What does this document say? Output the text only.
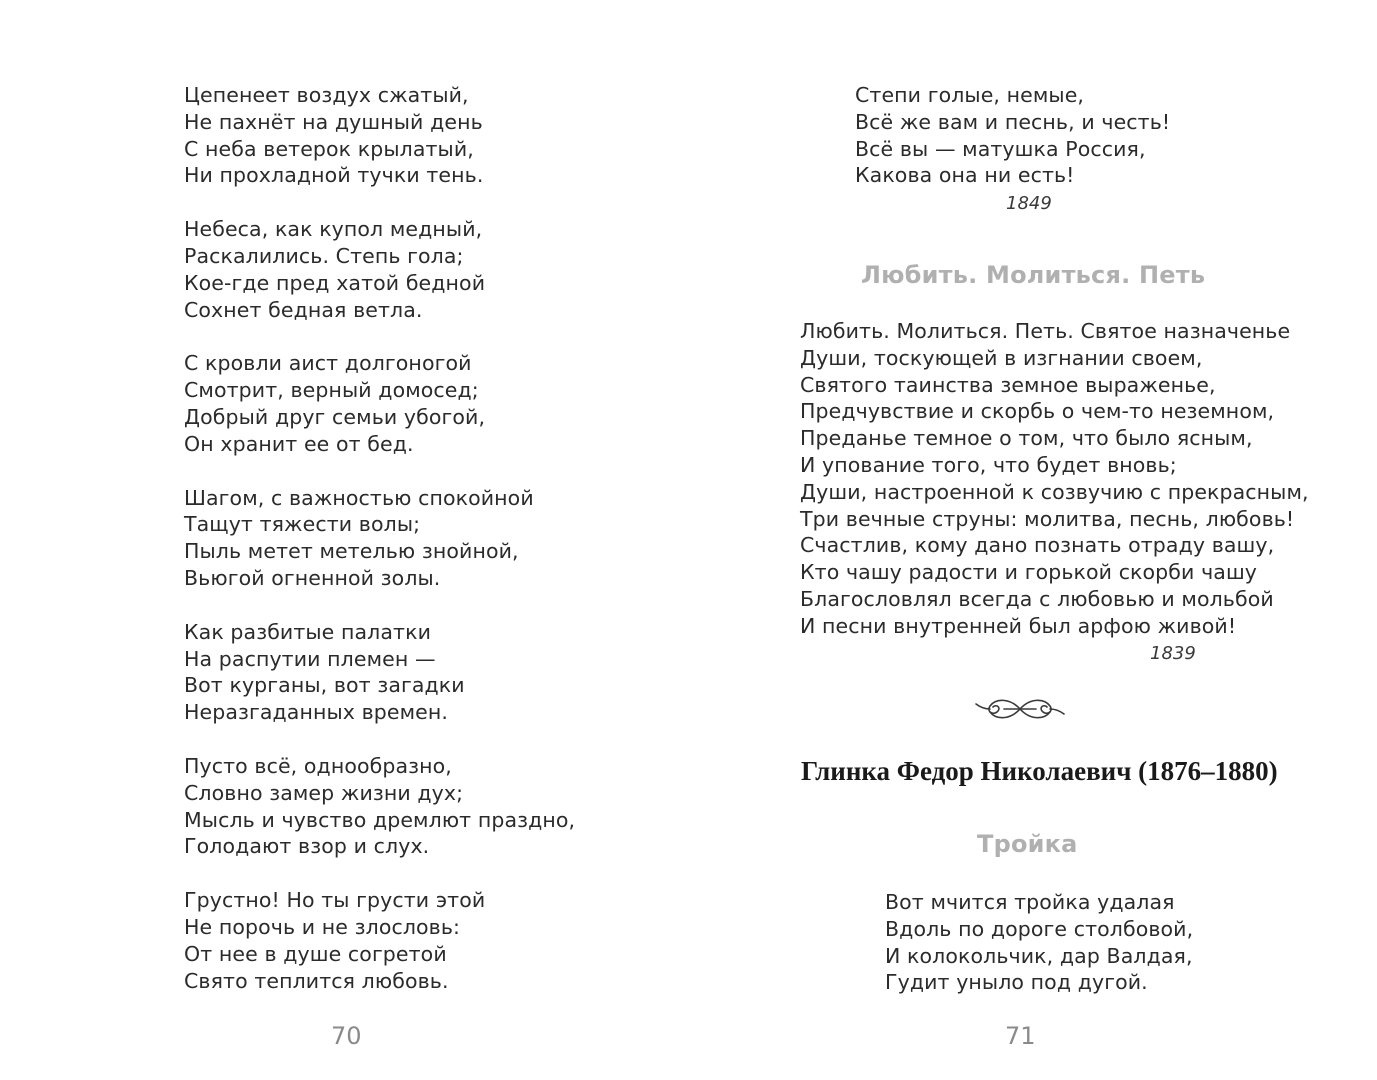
Цепенеет воздух сжатый,
Не пахнёт на душный день
С неба ветерок крылатый,
Ни прохладной тучки тень.
Небеса, как купол медный,
Раскалились. Степь гола;
Кое-где пред хатой бедной
Сохнет бедная ветла.
С кровли аист долгоногой
Смотрит, верный домосед;
Добрый друг семьи убогой,
Он хранит ее от бед.
Шагом, с важностью спокойной
Тащут тяжести волы;
Пыль метет метелью знойной,
Вьюгой огненной золы.
Как разбитые палатки
На распутии племен —
Вот курганы, вот загадки
Неразгаданных времен.
Пусто всё, однообразно,
Словно замер жизни дух;
Мысль и чувство дремлют праздно,
Голодают взор и слух.
Грустно! Но ты грусти этой
Не порочь и не злословь:
От нее в душе согретой
Свято теплится любовь.
70
Степи голые, немые,
Всё же вам и песнь, и честь!
Всё вы — матушка Россия,
Какова она ни есть!
1849
Любить. Молиться. Петь
Любить. Молиться. Петь. Святое назначенье
Души, тоскующей в изгнании своем,
Святого таинства земное выраженье,
Предчувствие и скорбь о чем-то неземном,
Преданье темное о том, что было ясным,
И упование того, что будет вновь;
Души, настроенной к созвучию с прекрасным,
Три вечные струны: молитва, песнь, любовь!
Счастлив, кому дано познать отраду вашу,
Кто чашу радости и горькой скорби чашу
Благословлял всегда с любовью и мольбой
И песни внутренней был арфою живой!
1839
Глинка Федор Николаевич (1876–1880)
Тройка
Вот мчится тройка удалая
Вдоль по дороге столбовой,
И колокольчик, дар Валдая,
Гудит уныло под дугой.
71
